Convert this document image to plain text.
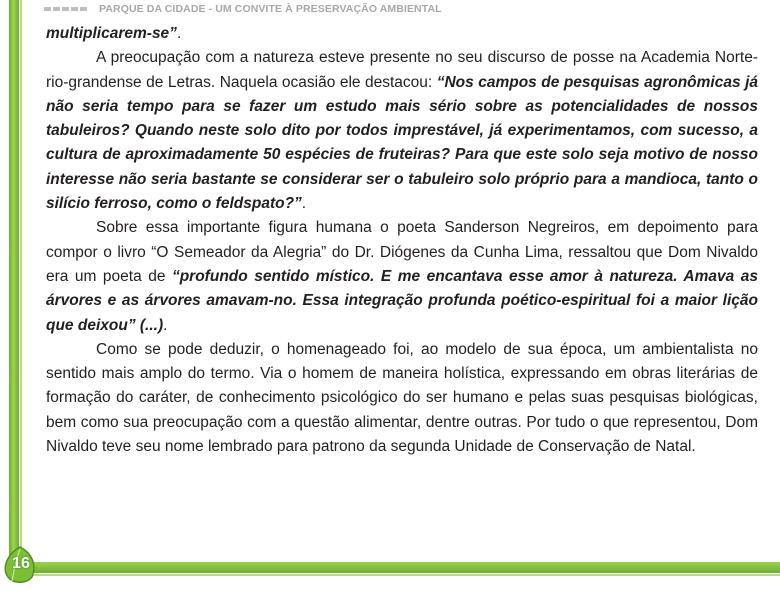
PARQUE DA CIDADE - UM CONVITE À PRESERVAÇÃO AMBIENTAL
16

multiplicarem-se”.

A preocupação com a natureza esteve presente no seu discurso de posse na Academia Norte-rio-grandense de Letras. Naquela ocasião ele destacou: “Nos campos de pesquisas agronômicas já não seria tempo para se fazer um estudo mais sério sobre as potencialidades de nossos tabuleiros? Quando neste solo dito por todos imprestável, já experimentamos, com sucesso, a cultura de aproximadamente 50 espécies de fruteiras? Para que este solo seja motivo de nosso interesse não seria bastante se considerar ser o tabuleiro solo próprio para a mandioca, tanto o silício ferroso, como o feldspato?”.

Sobre essa importante figura humana o poeta Sanderson Negreiros, em depoimento para compor o livro “O Semeador da Alegria” do Dr. Diógenes da Cunha Lima, ressaltou que Dom Nivaldo era um poeta de “profundo sentido místico. E me encantava esse amor à natureza. Amava as árvores e as árvores amavam-no. Essa integração profunda poético-espiritual foi a maior lição que deixou” (...).

Como se pode deduzir, o homenageado foi, ao modelo de sua época, um ambientalista no sentido mais amplo do termo. Via o homem de maneira holística, expressando em obras literárias de formação do caráter, de conhecimento psicológico do ser humano e pelas suas pesquisas biológicas, bem como sua preocupação com a questão alimentar, dentre outras. Por tudo o que representou, Dom Nivaldo teve seu nome lembrado para patrono da segunda Unidade de Conservação de Natal.
